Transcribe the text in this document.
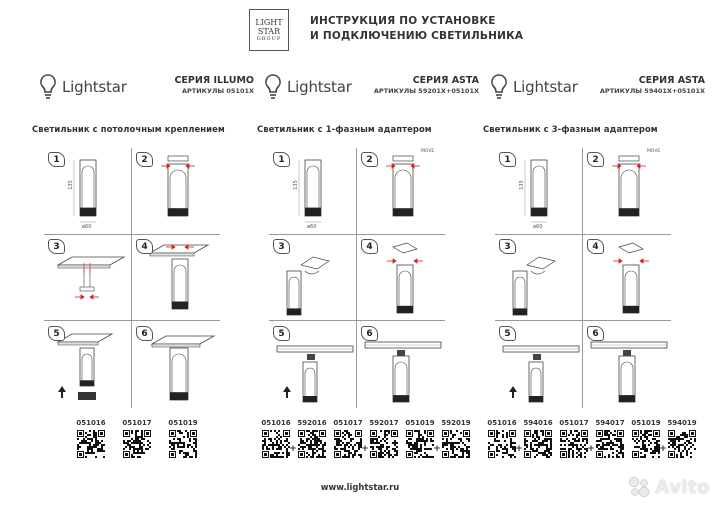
LIGHT
STAR
GROUP
ИНСТРУКЦИЯ ПО УСТАНОВКЕ
И ПОДКЛЮЧЕНИЮ СВЕТИЛЬНИКА
Lightstar	СЕРИЯ ILLUMO
АРТИКУЛЫ 05101X
Светильник с потолочным креплением
1
135
ø60
2
3	4
5	6
051016	051017	051019
Lightstar	СЕРИЯ ASTA
АРТИКУЛЫ 59201X+05101X
Светильник с 1-фазным адаптером
1
135
ø60
2
MOVE
3	4
5	6
051016
+
592016 051017
+
592017 051019
+
592019
Lightstar	СЕРИЯ ASTA
АРТИКУЛЫ 59401X+05101X
Светильник с 3-фазным адаптером
1
135
ø60
2
MOVE
3	4
5	6
051016
+
594016 051017
+
594017 051019
+
594019
www.lightstar.ru	Avito
